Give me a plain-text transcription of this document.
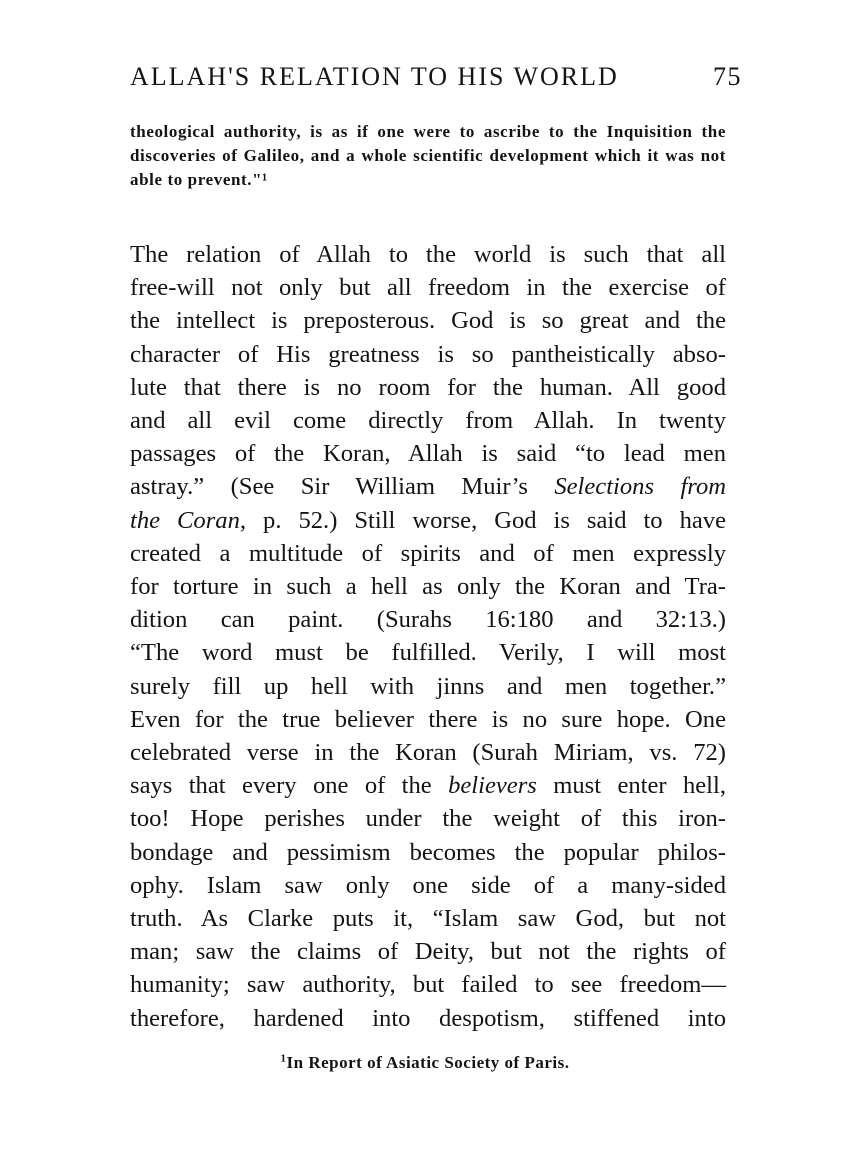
ALLAH'S RELATION TO HIS WORLD	75
theological authority, is as if one were to ascribe to the Inquisition the discoveries of Galileo, and a whole scientific development which it was not able to prevent."¹

The relation of Allah to the world is such that all
free-will not only but all freedom in the exercise of
the intellect is preposterous. God is so great and the
character of His greatness is so pantheistically abso-
lute that there is no room for the human. All good
and all evil come directly from Allah. In twenty
passages of the Koran, Allah is said “to lead men
astray.” (See Sir William Muir’s Selections from
the Coran, p. 52.) Still worse, God is said to have
created a multitude of spirits and of men expressly
for torture in such a hell as only the Koran and Tra-
dition can paint. (Surahs 16:180 and 32:13.)
“The word must be fulfilled. Verily, I will most
surely fill up hell with jinns and men together.”
Even for the true believer there is no sure hope. One
celebrated verse in the Koran (Surah Miriam, vs. 72)
says that every one of the believers must enter hell,
too! Hope perishes under the weight of this iron-
bondage and pessimism becomes the popular philos-
ophy. Islam saw only one side of a many-sided
truth. As Clarke puts it, “Islam saw God, but not
man; saw the claims of Deity, but not the rights of
humanity; saw authority, but failed to see freedom—
therefore, hardened into despotism, stiffened into

$^1$In Report of Asiatic Society of Paris.
